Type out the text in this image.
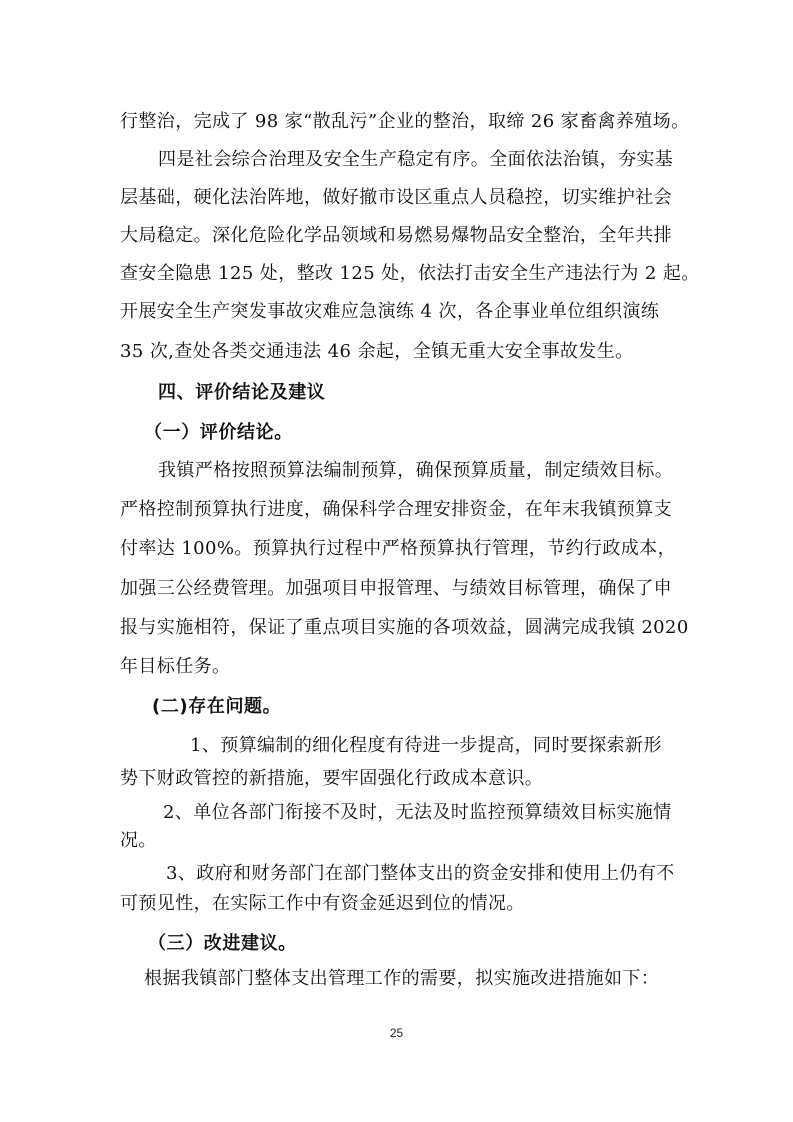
行整治，完成了 98 家“散乱污”企业的整治，取缔 26 家畜禽养殖场。
四是社会综合治理及安全生产稳定有序。全面依法治镇，夯实基
层基础，硬化法治阵地，做好撤市设区重点人员稳控，切实维护社会
大局稳定。深化危险化学品领域和易燃易爆物品安全整治，全年共排
查安全隐患 125 处，整改 125 处，依法打击安全生产违法行为 2 起。
开展安全生产突发事故灾难应急演练 4 次，各企事业单位组织演练
35 次,查处各类交通违法 46 余起，全镇无重大安全事故发生。
四、评价结论及建议
（一）评价结论。
我镇严格按照预算法编制预算，确保预算质量，制定绩效目标。
严格控制预算执行进度，确保科学合理安排资金，在年末我镇预算支
付率达 100%。预算执行过程中严格预算执行管理，节约行政成本，
加强三公经费管理。加强项目申报管理、与绩效目标管理，确保了申
报与实施相符，保证了重点项目实施的各项效益，圆满完成我镇 2020
年目标任务。
(二)存在问题。
1、预算编制的细化程度有待进一步提高，同时要探索新形
势下财政管控的新措施，要牢固强化行政成本意识。
2、单位各部门衔接不及时，无法及时监控预算绩效目标实施情
况。
3、政府和财务部门在部门整体支出的资金安排和使用上仍有不
可预见性，在实际工作中有资金延迟到位的情况。
（三）改进建议。
根据我镇部门整体支出管理工作的需要，拟实施改进措施如下：
25
